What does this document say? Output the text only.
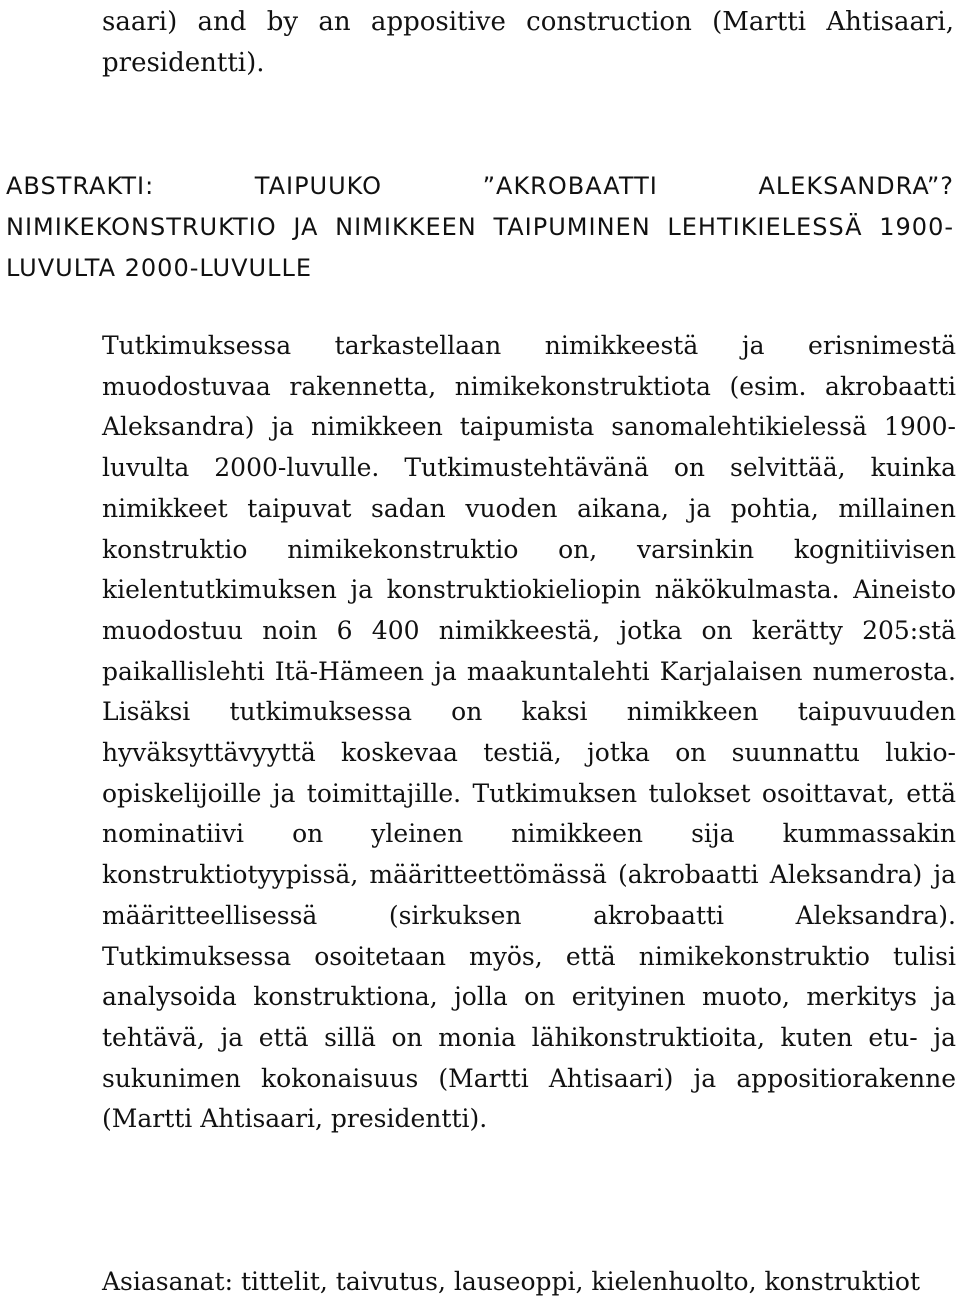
saari) and by an appositive construction (Martti Ahtisaari, presidentti).

ABSTRAKTI: TAIPUUKO ”AKROBAATTI ALEKSANDRA”? NIMIKEKONSTRUKTIO JA NIMIKKEEN TAIPUMINEN LEHTIKIELESSÄ 1900-LUVULTA 2000-LUVULLE

Tutkimuksessa tarkastellaan nimikkeestä ja erisnimestä muodostuvaa rakennetta, nimikekonstruktiota (esim. akrobaatti Aleksandra) ja nimikkeen taipumista sanomalehtikielessä 1900-luvulta 2000-luvulle. Tutkimustehtävänä on selvittää, kuinka nimikkeet taipuvat sadan vuoden aikana, ja pohtia, millainen konstruktio nimikekonstruktio on, varsinkin kognitiivisen kielentutkimuksen ja konstruktiokieliopin näkökulmasta. Aineisto muodostuu noin 6 400 nimikkeestä, jotka on kerätty 205:stä paikallislehti Itä-Hämeen ja maakuntalehti Karjalaisen numerosta. Lisäksi tutkimuksessa on kaksi nimikkeen taipuvuuden hyväksyttävyyttä koskevaa testiä, jotka on suunnattu lukio-opiskelijoille ja toimittajille. Tutkimuksen tulokset osoittavat, että nominatiivi on yleinen nimikkeen sija kummassakin konstruktiotyypissä, määritteettömässä (akrobaatti Aleksandra) ja määritteellisessä (sirkuksen akrobaatti Aleksandra). Tutkimuksessa osoitetaan myös, että nimikekonstruktio tulisi analysoida konstruktiona, jolla on erityinen muoto, merkitys ja tehtävä, ja että sillä on monia lähikonstruktioita, kuten etu- ja sukunimen kokonaisuus (Martti Ahtisaari) ja appositiorakenne (Martti Ahtisaari, presidentti).

Asiasanat: tittelit, taivutus, lauseoppi, kielenhuolto, konstruktiot
